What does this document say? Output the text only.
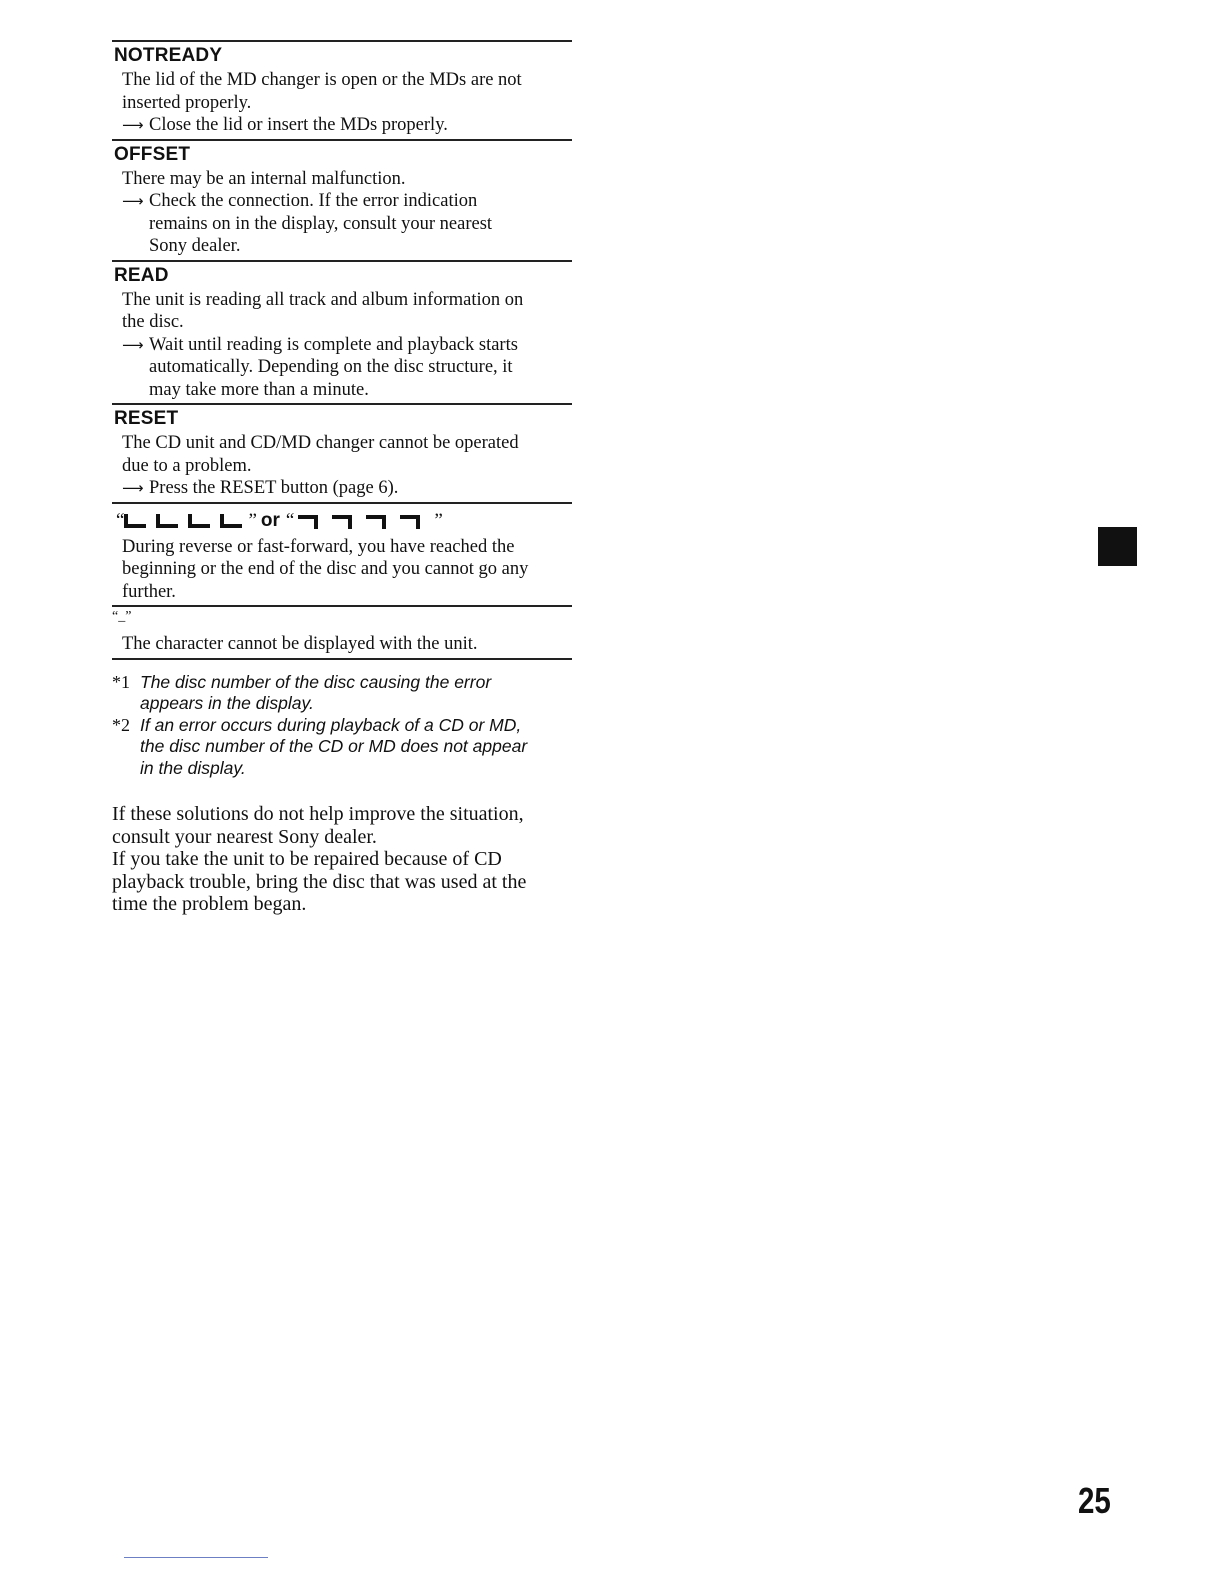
NOTREADY
The lid of the MD changer is open or the MDs are not
inserted properly.
⟶ Close the lid or insert the MDs properly.
OFFSET
There may be an internal malfunction.
⟶ Check the connection. If the error indication
remains on in the display, consult your nearest
Sony dealer.
READ
The unit is reading all track and album information on
the disc.
⟶ Wait until reading is complete and playback starts
automatically. Depending on the disc structure, it
may take more than a minute.
RESET
The CD unit and CD/MD changer cannot be operated
due to a problem.
⟶ Press the RESET button (page 6).
“	” or “	”
During reverse or fast-forward, you have reached the
beginning or the end of the disc and you cannot go any
further.
“_”
The character cannot be displayed with the unit.
*1 The disc number of the disc causing the error
appears in the display.
*2 If an error occurs during playback of a CD or MD,
the disc number of the CD or MD does not appear
in the display.
If these solutions do not help improve the situation,
consult your nearest Sony dealer.
If you take the unit to be repaired because of CD
playback trouble, bring the disc that was used at the
time the problem began.
25
